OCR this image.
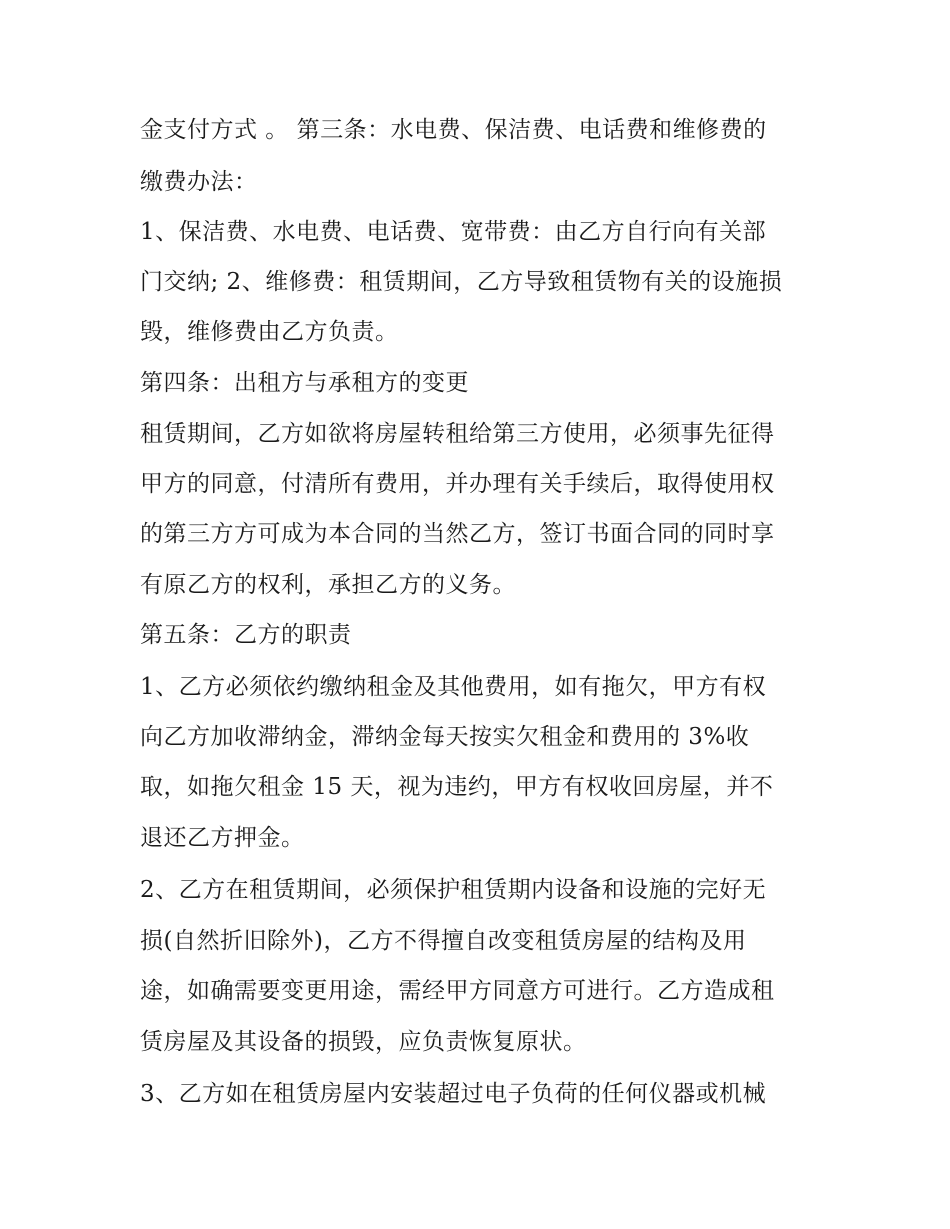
金支付方式 。 第三条：水电费、保洁费、电话费和维修费的
缴费办法：
1、保洁费、水电费、电话费、宽带费：由乙方自行向有关部
门交纳; 2、维修费：租赁期间，乙方导致租赁物有关的设施损
毁，维修费由乙方负责。
第四条：出租方与承租方的变更
租赁期间，乙方如欲将房屋转租给第三方使用，必须事先征得
甲方的同意，付清所有费用，并办理有关手续后，取得使用权
的第三方方可成为本合同的当然乙方，签订书面合同的同时享
有原乙方的权利，承担乙方的义务。
第五条：乙方的职责
1、乙方必须依约缴纳租金及其他费用，如有拖欠，甲方有权
向乙方加收滞纳金，滞纳金每天按实欠租金和费用的 3%收
取，如拖欠租金 15 天，视为违约，甲方有权收回房屋，并不
退还乙方押金。
2、乙方在租赁期间，必须保护租赁期内设备和设施的完好无
损(自然折旧除外)，乙方不得擅自改变租赁房屋的结构及用
途，如确需要变更用途，需经甲方同意方可进行。乙方造成租
赁房屋及其设备的损毁，应负责恢复原状。
3、乙方如在租赁房屋内安装超过电子负荷的任何仪器或机械
